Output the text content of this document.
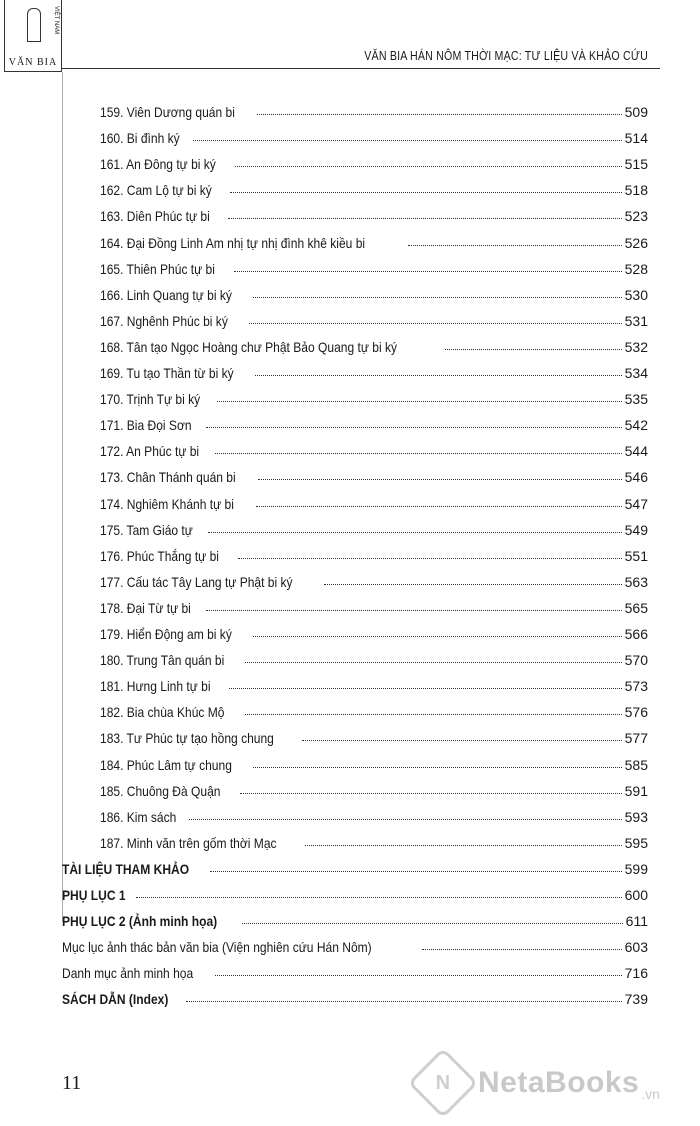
VIỆT NAM
VĂN BIA	VĂN BIA HÁN NÔM THỜI MẠC: TƯ LIỆU VÀ KHẢO CỨU
159. Viên Dương quán bi	509
160. Bi đình ký	514
161. An Đông tự bi ký	515
162. Cam Lộ tự bi ký	518
163. Diên Phúc tự bi	523
164. Đại Đồng Linh Am nhị tự nhị đình khê kiều bi	526
165. Thiên Phúc tự bi	528
166. Linh Quang tự bi ký	530
167. Nghênh Phúc bi ký	531
168. Tân tạo Ngọc Hoàng chư Phật Bảo Quang tự bi ký	532
169. Tu tạo Thần từ bi ký	534
170. Trịnh Tự bi ký	535
171. Bia Đọi Sơn	542
172. An Phúc tự bi	544
173. Chân Thánh quán bi	546
174. Nghiêm Khánh tự bi	547
175. Tam Giáo tự	549
176. Phúc Thắng tự bi	551
177. Cấu tác Tây Lang tự Phật bi ký	563
178. Đại Từ tự bi	565
179. Hiển Động am bi ký	566
180. Trung Tân quán bi	570
181. Hưng Linh tự bi	573
182. Bia chùa Khúc Mộ	576
183. Tư Phúc tự tạo hồng chung	577
184. Phúc Lâm tự chung	585
185. Chuông Đà Quận	591
186. Kim sách	593
187. Minh văn trên gốm thời Mạc	595
TÀI LIỆU THAM KHẢO	599
PHỤ LỤC 1	600
PHỤ LỤC 2 (Ảnh minh họa)	611
Mục lục ảnh thác bản văn bia (Viện nghiên cứu Hán Nôm)	603
Danh mục ảnh minh họa	716
SÁCH DẪN (Index)	739
11	N NetaBooks .vn
